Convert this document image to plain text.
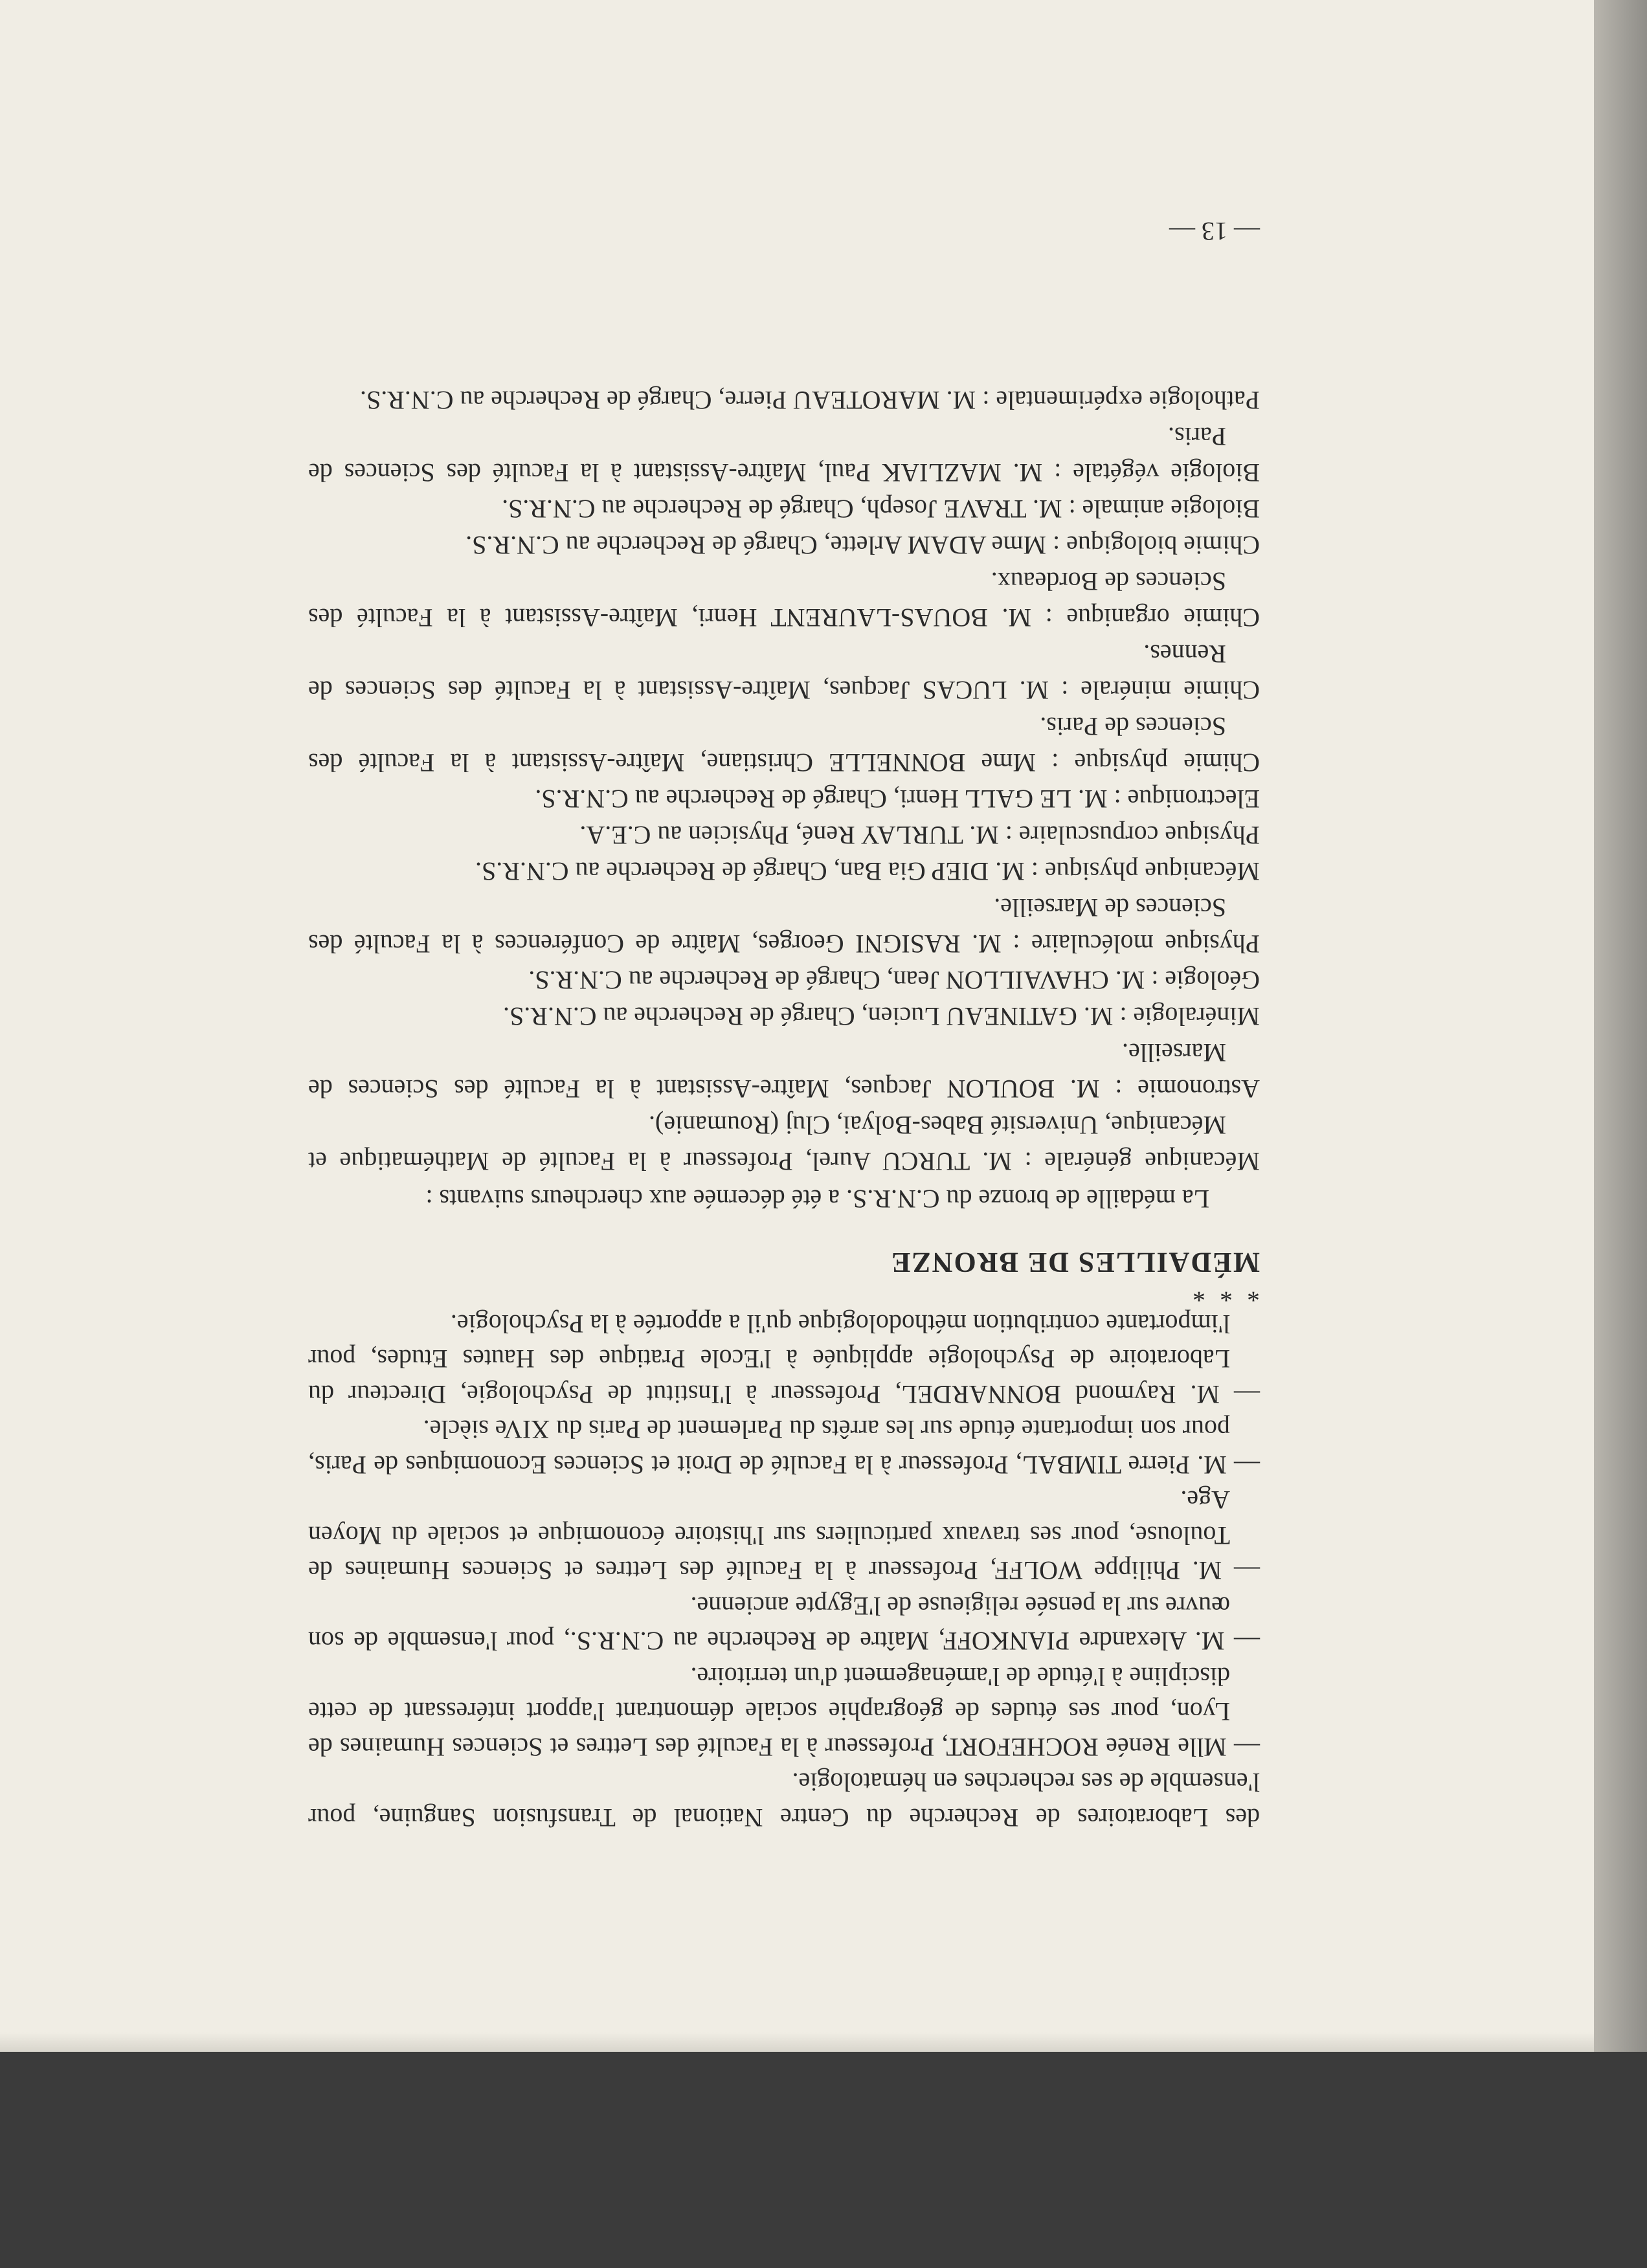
des Laboratoires de Recherche du Centre National de Transfusion Sanguine, pour l'ensemble de ses recherches en hématologie.

— Mlle Renée ROCHEFORT, Professeur à la Faculté des Lettres et Sciences Humaines de Lyon, pour ses études de géographie sociale démontrant l'apport intéressant de cette discipline à l'étude de l'aménagement d'un territoire.

— M. Alexandre PIANKOFF, Maître de Recherche au C.N.R.S., pour l'ensemble de son œuvre sur la pensée religieuse de l'Egypte ancienne.

— M. Philippe WOLFF, Professeur à la Faculté des Lettres et Sciences Humaines de Toulouse, pour ses travaux particuliers sur l'histoire économique et sociale du Moyen Age.

— M. Pierre TIMBAL, Professeur à la Faculté de Droit et Sciences Economiques de Paris, pour son importante étude sur les arrêts du Parlement de Paris du XIVe siècle.

— M. Raymond BONNARDEL, Professeur à l'Institut de Psychologie, Directeur du Laboratoire de Psychologie appliquée à l'Ecole Pratique des Hautes Etudes, pour l'importante contribution méthodologique qu'il a apportée à la Psychologie.

* * *

MÉDAILLES DE BRONZE

La médaille de bronze du C.N.R.S. a été décernée aux chercheurs suivants :

Mécanique générale : M. TURCU Aurel, Professeur à la Faculté de Mathématique et Mécanique, Université Babes-Bolyai, Cluj (Roumanie).

Astronomie : M. BOULON Jacques, Maître-Assistant à la Faculté des Sciences de Marseille.

Minéralogie : M. GATINEAU Lucien, Chargé de Recherche au C.N.R.S.

Géologie : M. CHAVAILLON Jean, Chargé de Recherche au C.N.R.S.

Physique moléculaire : M. RASIGNI Georges, Maître de Conférences à la Faculté des Sciences de Marseille.

Mécanique physique : M. DIEP Gia Ban, Chargé de Recherche au C.N.R.S.

Physique corpusculaire : M. TURLAY René, Physicien au C.E.A.

Electronique : M. LE GALL Henri, Chargé de Recherche au C.N.R.S.

Chimie physique : Mme BONNELLE Christiane, Maître-Assistant à la Faculté des Sciences de Paris.

Chimie minérale : M. LUCAS Jacques, Maître-Assistant à la Faculté des Sciences de Rennes.

Chimie organique : M. BOUAS-LAURENT Henri, Maître-Assistant à la Faculté des Sciences de Bordeaux.

Chimie biologique : Mme ADAM Arlette, Chargé de Recherche au C.N.R.S.

Biologie animale : M. TRAVE Joseph, Chargé de Recherche au C.N.R.S.

Biologie végétale : M. MAZLIAK Paul, Maître-Assistant à la Faculté des Sciences de Paris.

Pathologie expérimentale : M. MAROTEAU Pierre, Chargé de Recherche au C.N.R.S.

— 13 —
